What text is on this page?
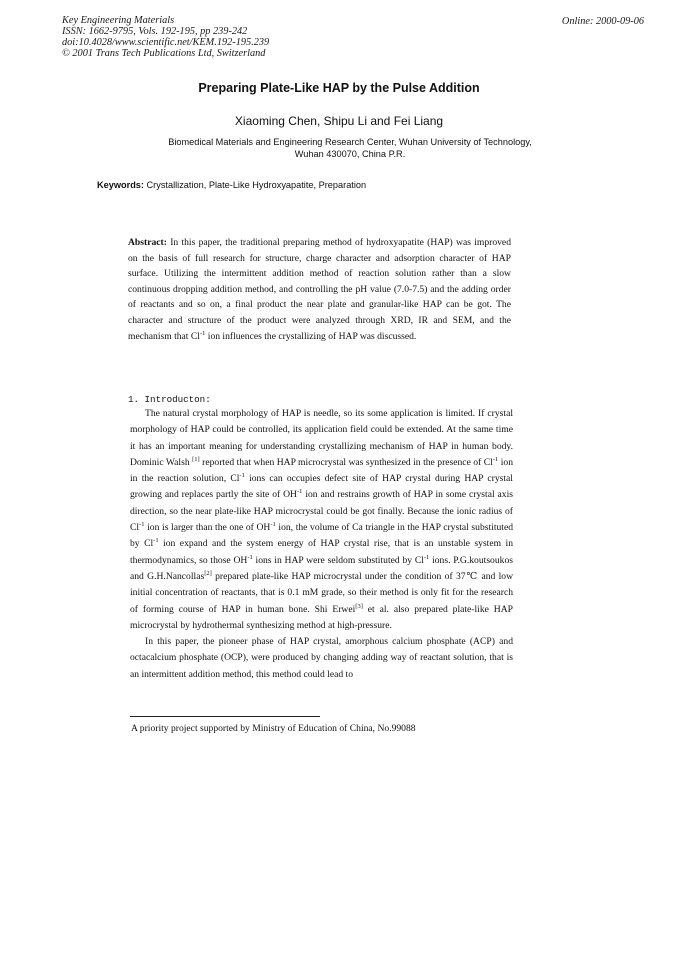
Key Engineering Materials
ISSN: 1662-9795, Vols. 192-195, pp 239-242
doi:10.4028/www.scientific.net/KEM.192-195.239
© 2001 Trans Tech Publications Ltd, Switzerland
Online: 2000-09-06
Preparing Plate-Like HAP by the Pulse Addition
Xiaoming Chen, Shipu Li and Fei Liang
Biomedical Materials and Engineering Research Center, Wuhan University of Technology,
Wuhan 430070, China P.R.
Keywords: Crystallization, Plate-Like Hydroxyapatite, Preparation
Abstract: In this paper, the traditional preparing method of hydroxyapatite (HAP) was improved on the basis of full research for structure, charge character and adsorption character of HAP surface. Utilizing the intermittent addition method of reaction solution rather than a slow continuous dropping addition method, and controlling the pH value (7.0-7.5) and the adding order of reactants and so on, a final product the near plate and granular-like HAP can be got. The character and structure of the product were analyzed through XRD, IR and SEM, and the mechanism that $Cl^{-1}$ ion influences the crystallizing of HAP was discussed.
1. Introducton:

The natural crystal morphology of HAP is needle, so its some application is limited. If crystal morphology of HAP could be controlled, its application field could be extended. At the same time it has an important meaning for understanding crystallizing mechanism of HAP in human body. Dominic Walsh [1] reported that when HAP microcrystal was synthesized in the presence of $Cl^{-1}$ ion in the reaction solution, $Cl^{-1}$ ions can occupies defect site of HAP crystal during HAP crystal growing and replaces partly the site of $OH^{-1}$ ion and restrains growth of HAP in some crystal axis direction, so the near plate-like HAP microcrystal could be got finally. Because the ionic radius of $Cl^{-1}$ ion is larger than the one of $OH^{-1}$ ion, the volume of Ca triangle in the HAP crystal substituted by $Cl^{-1}$ ion expand and the system energy of HAP crystal rise, that is an unstable system in thermodynamics, so those $OH^{-1}$ ions in HAP were seldom substituted by $Cl^{-1}$ ions. P.G.koutsoukos and G.H.Nancollas[2] prepared plate-like HAP microcrystal under the condition of 37℃ and low initial concentration of reactants, that is 0.1 mM grade, so their method is only fit for the research of forming course of HAP in human bone. Shi Erwei[3] et al. also prepared plate-like HAP microcrystal by hydrothermal synthesizing method at high-pressure.

In this paper, the pioneer phase of HAP crystal, amorphous calcium phosphate (ACP) and octacalcium phosphate (OCP), were produced by changing adding way of reactant solution, that is an intermittent addition method, this method could lead to

A priority project supported by Ministry of Education of China, No.99088
